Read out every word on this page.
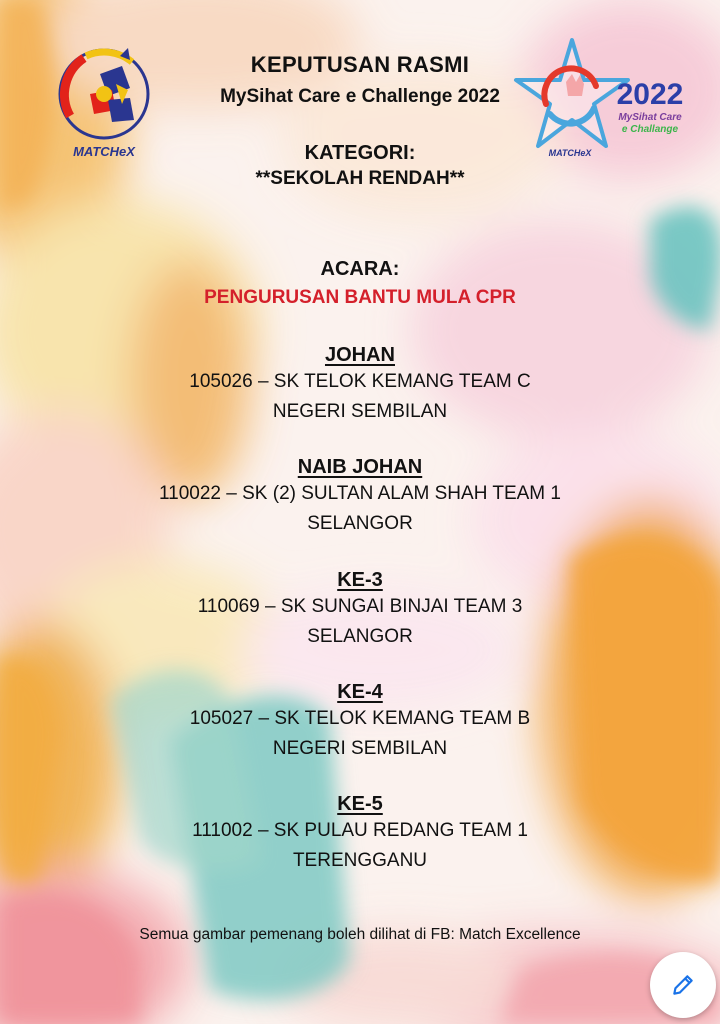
MATCHeX
2022
MySihat Care
e Challange
MATCHeX
KEPUTUSAN RASMI
MySihat Care e Challenge 2022
KATEGORI:
**SEKOLAH RENDAH**
ACARA:
PENGURUSAN BANTU MULA CPR
JOHAN
105026 – SK TELOK KEMANG TEAM C
NEGERI SEMBILAN
NAIB JOHAN
110022 – SK (2) SULTAN ALAM SHAH TEAM 1
SELANGOR
KE-3
110069 – SK SUNGAI BINJAI TEAM 3
SELANGOR
KE-4
105027 – SK TELOK KEMANG TEAM B
NEGERI SEMBILAN
KE-5
111002 – SK PULAU REDANG TEAM 1
TERENGGANU
Semua gambar pemenang boleh dilihat di FB: Match Excellence
